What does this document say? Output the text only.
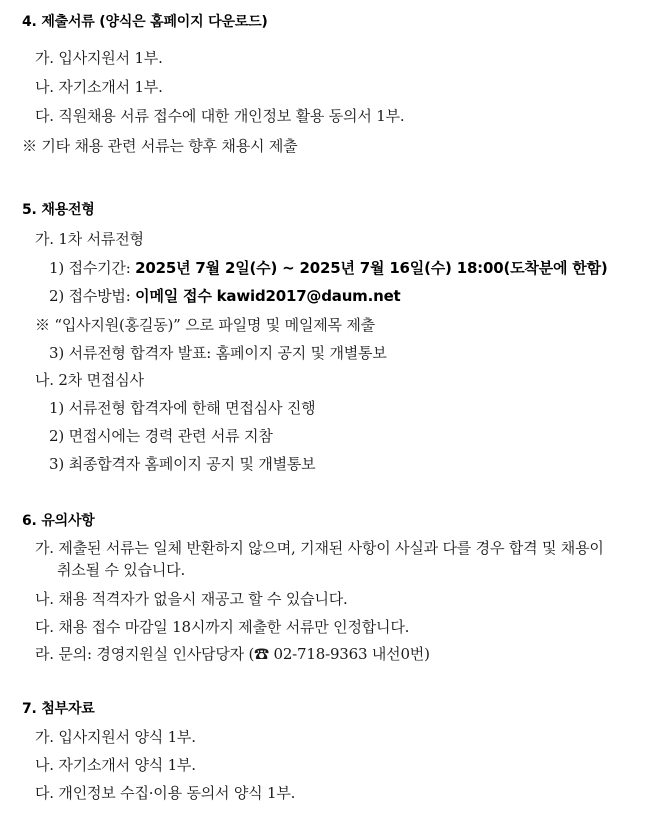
4. 제출서류 (양식은 홈페이지 다운로드)
가. 입사지원서 1부.
나. 자기소개서 1부.
다. 직원채용 서류 접수에 대한 개인정보 활용 동의서 1부.
※ 기타 채용 관련 서류는 향후 채용시 제출
5. 채용전형
가. 1차 서류전형
1) 접수기간: 2025년 7월 2일(수) ~ 2025년 7월 16일(수) 18:00(도착분에 한함)
2) 접수방법: 이메일 접수 kawid2017@daum.net
※ “입사지원(홍길동)” 으로 파일명 및 메일제목 제출
3) 서류전형 합격자 발표: 홈페이지 공지 및 개별통보
나. 2차 면접심사
1) 서류전형 합격자에 한해 면접심사 진행
2) 면접시에는 경력 관련 서류 지참
3) 최종합격자 홈페이지 공지 및 개별통보
6. 유의사항
가. 제출된 서류는 일체 반환하지 않으며, 기재된 사항이 사실과 다를 경우 합격 및 채용이
취소될 수 있습니다.
나. 채용 적격자가 없을시 재공고 할 수 있습니다.
다. 채용 접수 마감일 18시까지 제출한 서류만 인정합니다.
라. 문의: 경영지원실 인사담당자 (☎ 02-718-9363 내선0번)
7. 첨부자료
가. 입사지원서 양식 1부.
나. 자기소개서 양식 1부.
다. 개인정보 수집·이용 동의서 양식 1부.
